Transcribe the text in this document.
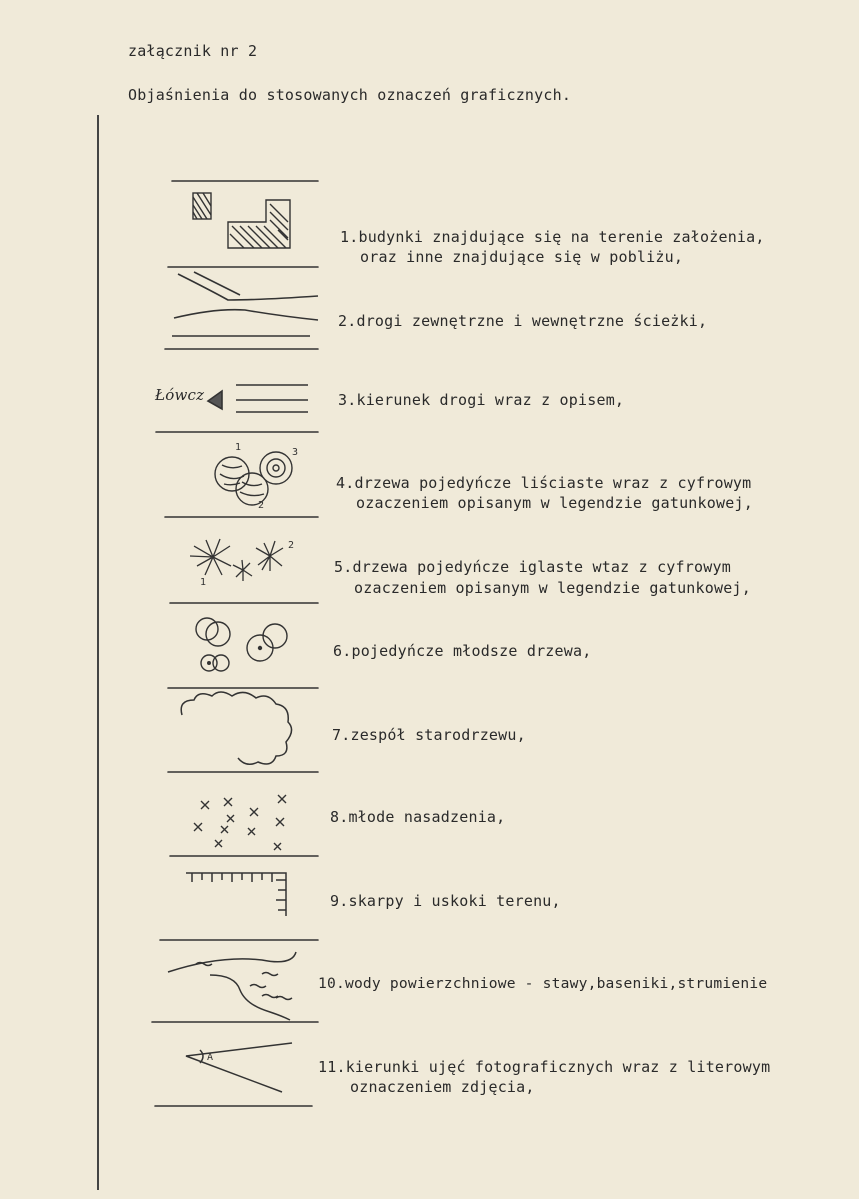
załącznik nr 2
Objaśnienia do stosowanych oznaczeń graficznych.
Łówcz
1
2
3
1
2
A
1.budynki znajdujące się na terenie założenia,
oraz inne znajdujące się w pobliżu,
2.drogi zewnętrzne i wewnętrzne ścieżki,
3.kierunek drogi wraz z opisem,
4.drzewa pojedyńcze liściaste wraz z cyfrowym
ozaczeniem opisanym w legendzie gatunkowej,
5.drzewa pojedyńcze iglaste wtaz z cyfrowym
ozaczeniem opisanym w legendzie gatunkowej,
6.pojedyńcze młodsze drzewa,
7.zespół starodrzewu,
8.młode nasadzenia,
9.skarpy i uskoki terenu,
10.wody powierzchniowe - stawy,baseniki,strumienie
11.kierunki ujęć fotograficznych wraz z literowym
oznaczeniem zdjęcia,
